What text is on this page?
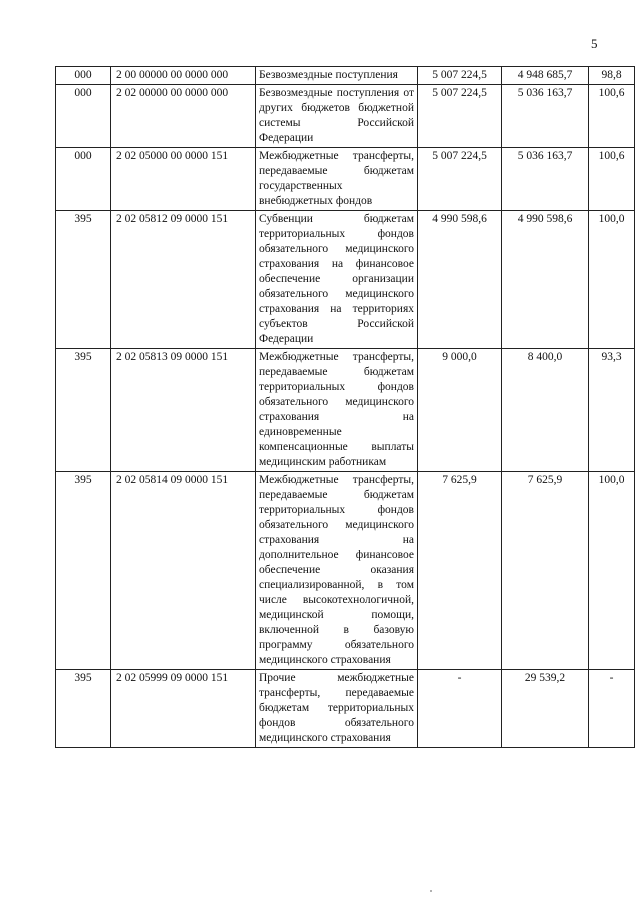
5
000	2 00 00000 00 0000 000	Безвозмездные поступления	5 007 224,5	4 948 685,7	98,8
000	2 02 00000 00 0000 000	Безвозмездные поступления от других бюджетов бюджетной системы Российской Федерации	5 007 224,5	5 036 163,7	100,6
000	2 02 05000 00 0000 151	Межбюджетные трансферты, передаваемые бюджетам государственных внебюджетных фондов	5 007 224,5	5 036 163,7	100,6
395	2 02 05812 09 0000 151	Субвенции бюджетам территориальных фондов обязательного медицинского страхования на финансовое обеспечение организации обязательного медицинского страхования на территориях субъектов Российской Федерации	4 990 598,6	4 990 598,6	100,0
395	2 02 05813 09 0000 151	Межбюджетные трансферты, передаваемые бюджетам территориальных фондов обязательного медицинского страхования на единовременные компенсационные выплаты медицинским работникам	9 000,0	8 400,0	93,3
395	2 02 05814 09 0000 151	Межбюджетные трансферты, передаваемые бюджетам территориальных фондов обязательного медицинского страхования на дополнительное финансовое обеспечение оказания специализированной, в том числе высокотехнологичной, медицинской помощи, включенной в базовую программу обязательного медицинского страхования	7 625,9	7 625,9	100,0
395	2 02 05999 09 0000 151	Прочие межбюджетные трансферты, передаваемые бюджетам территориальных фондов обязательного медицинского страхования	-	29 539,2	-
